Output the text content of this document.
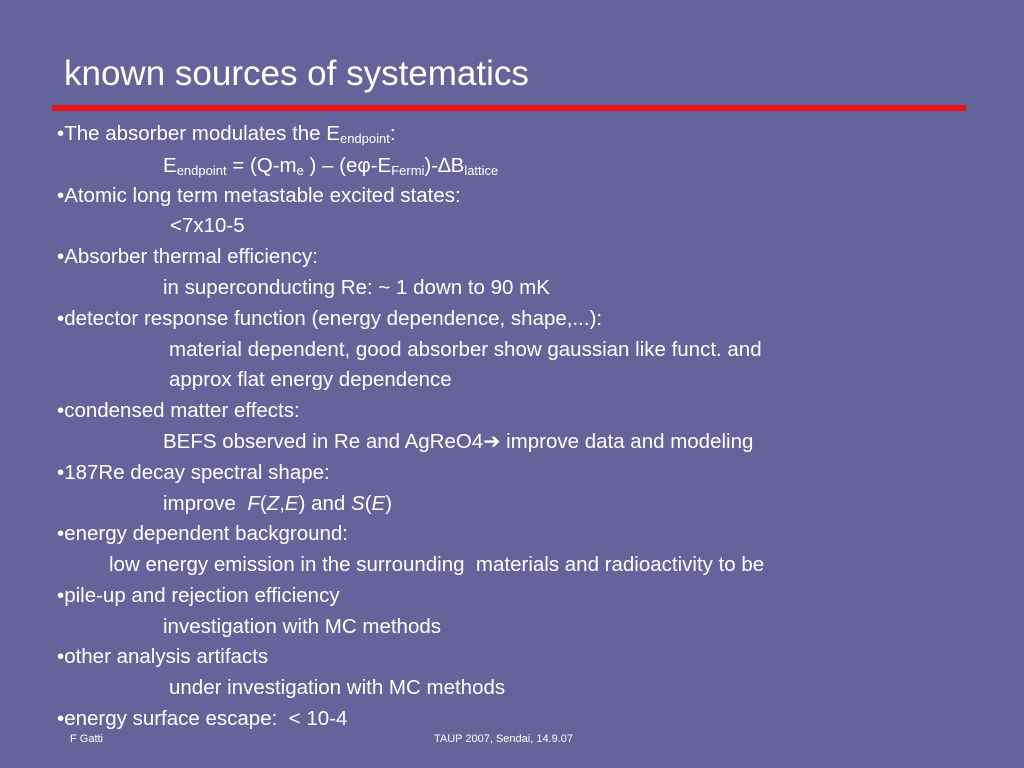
known sources of systematics
•The absorber modulates the $E_{endpoint}$:
$E_{endpoint} = (Q-m_e$ ) – $(e\varphi-E_{Fermi})-\Delta B_{lattice}$
•Atomic long term metastable excited states:
<7x10-5
•Absorber thermal efficiency:
in superconducting Re: ~ 1 down to 90 mK
•detector response function (energy dependence, shape,...):
material dependent, good absorber show gaussian like funct. and
approx flat energy dependence
•condensed matter effects:
BEFS observed in Re and AgReO4➔ improve data and modeling
•187Re decay spectral shape:
improve  F(Z,E) and S(E)
•energy dependent background:
low energy emission in the surrounding  materials and radioactivity to be
•pile-up and rejection efficiency
investigation with MC methods
•other analysis artifacts
under investigation with MC methods
•energy surface escape:  < 10-4
F Gatti	TAUP 2007, Sendai, 14.9.07
